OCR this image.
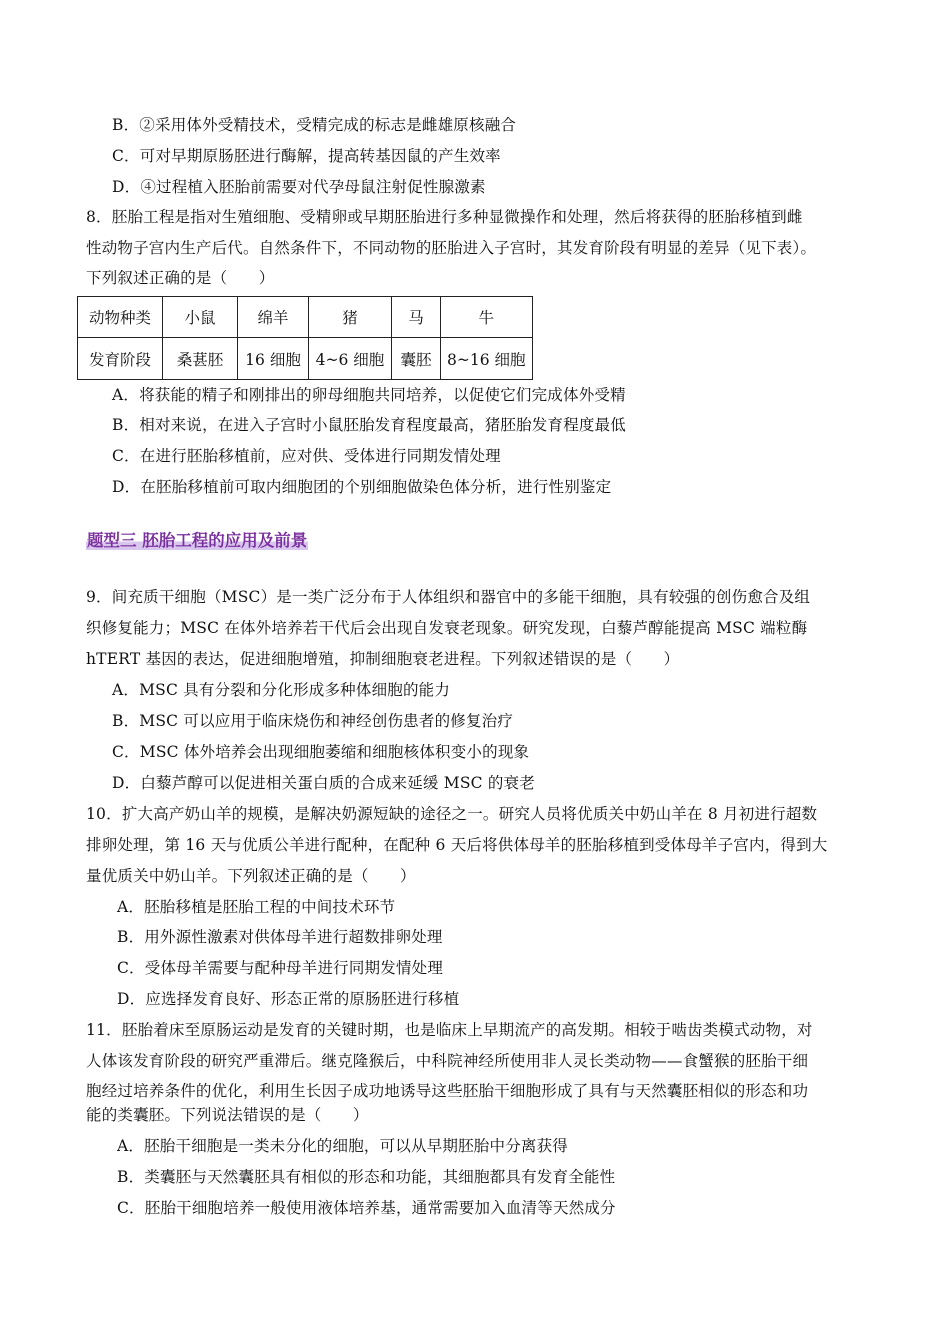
B．②采用体外受精技术，受精完成的标志是雌雄原核融合
C．可对早期原肠胚进行酶解，提高转基因鼠的产生效率
D．④过程植入胚胎前需要对代孕母鼠注射促性腺激素
8．胚胎工程是指对生殖细胞、受精卵或早期胚胎进行多种显微操作和处理，然后将获得的胚胎移植到雌
性动物子宫内生产后代。自然条件下，不同动物的胚胎进入子宫时，其发育阶段有明显的差异（见下表）。
下列叙述正确的是（　　）
动物种类	小鼠	绵羊	猪	马	牛
发育阶段	桑葚胚	16 细胞	4~6 细胞	囊胚	8~16 细胞
A．将获能的精子和刚排出的卵母细胞共同培养，以促使它们完成体外受精
B．相对来说，在进入子宫时小鼠胚胎发育程度最高，猪胚胎发育程度最低
C．在进行胚胎移植前，应对供、受体进行同期发情处理
D．在胚胎移植前可取内细胞团的个别细胞做染色体分析，进行性别鉴定
题型三 胚胎工程的应用及前景
9．间充质干细胞（MSC）是一类广泛分布于人体组织和器官中的多能干细胞，具有较强的创伤愈合及组
织修复能力；MSC 在体外培养若干代后会出现自发衰老现象。研究发现，白藜芦醇能提高 MSC 端粒酶
hTERT 基因的表达，促进细胞增殖，抑制细胞衰老进程。下列叙述错误的是（　　）
A．MSC 具有分裂和分化形成多种体细胞的能力
B．MSC 可以应用于临床烧伤和神经创伤患者的修复治疗
C．MSC 体外培养会出现细胞萎缩和细胞核体积变小的现象
D．白藜芦醇可以促进相关蛋白质的合成来延缓 MSC 的衰老
10．扩大高产奶山羊的规模，是解决奶源短缺的途径之一。研究人员将优质关中奶山羊在 8 月初进行超数
排卵处理，第 16 天与优质公羊进行配种，在配种 6 天后将供体母羊的胚胎移植到受体母羊子宫内，得到大
量优质关中奶山羊。下列叙述正确的是（　　）
A．胚胎移植是胚胎工程的中间技术环节
B．用外源性激素对供体母羊进行超数排卵处理
C．受体母羊需要与配种母羊进行同期发情处理
D．应选择发育良好、形态正常的原肠胚进行移植
11．胚胎着床至原肠运动是发育的关键时期，也是临床上早期流产的高发期。相较于啮齿类模式动物，对
人体该发育阶段的研究严重滞后。继克隆猴后，中科院神经所使用非人灵长类动物——食蟹猴的胚胎干细
胞经过培养条件的优化，利用生长因子成功地诱导这些胚胎干细胞形成了具有与天然囊胚相似的形态和功
能的类囊胚。下列说法错误的是（　　）
A．胚胎干细胞是一类未分化的细胞，可以从早期胚胎中分离获得
B．类囊胚与天然囊胚具有相似的形态和功能，其细胞都具有发育全能性
C．胚胎干细胞培养一般使用液体培养基，通常需要加入血清等天然成分
